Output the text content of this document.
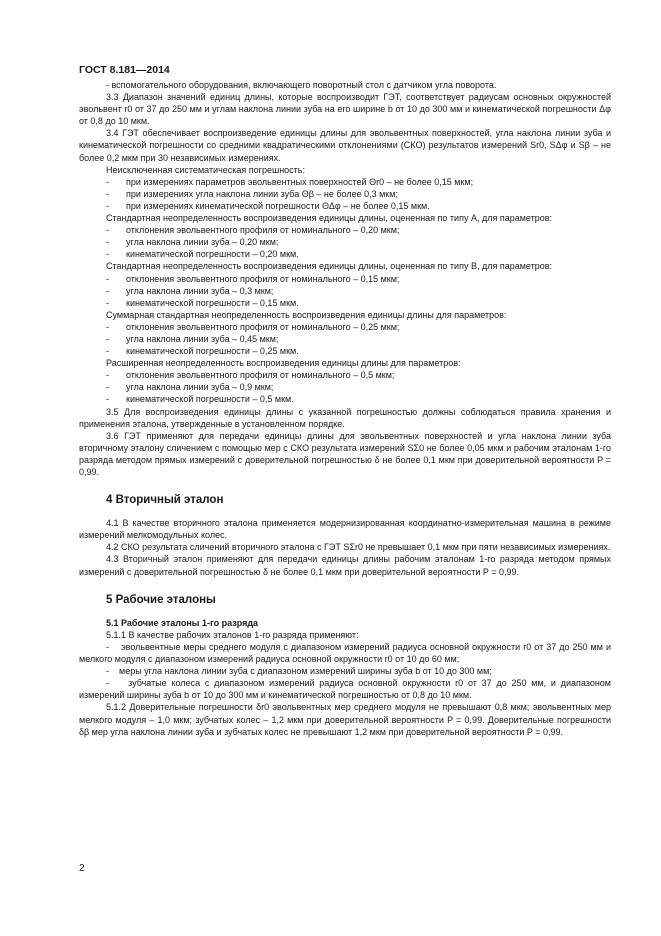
ГОСТ 8.181—2014

- вспомогательного оборудования, включающего поворотный стол с датчиком угла поворота.

3.3 Диапазон значений единиц длины, которые воспроизводит ГЭТ, соответствует радиусам основных окружностей эвольвент r0 от 37 до 250 мм и углам наклона линии зуба на его ширине b от 10 до 300 мм и кинематической погрешности Δφ от 0,8 до 10 мкм.

3.4 ГЭТ обеспечивает воспроизведение единицы длины для эвольвентных поверхностей, угла наклона линии зуба и кинематической погрешности со средними квадратическими отклонениями (СКО) результатов измерений Sr0, SΔφ и Sβ – не более 0,2 мкм при 30 независимых измерениях.

Неисключенная систематическая погрешность:

- при измерениях параметров эвольвентных поверхностей Θr0 – не более 0,15 мкм;

- при измерениях угла наклона линии зуба Θβ – не более 0,3 мкм;

- при измерениях кинематической погрешности ΘΔφ – не более 0,15 мкм.

Стандартная неопределенность воспроизведения единицы длины, оцененная по типу А, для параметров:

- отклонения эвольвентного профиля от номинального – 0,20 мкм;

- угла наклона линии зуба – 0,20 мкм;

- кинематической погрешности – 0,20 мкм.

Стандартная неопределенность воспроизведения единицы длины, оцененная по типу В, для параметров:

- отклонения эвольвентного профиля от номинального – 0,15 мкм;

- угла наклона линии зуба – 0,3 мкм;

- кинематической погрешности – 0,15 мкм.

Суммарная стандартная неопределенность воспроизведения единицы длины для параметров:

- отклонения эвольвентного профиля от номинального – 0,25 мкм;

- угла наклона линии зуба – 0,45 мкм;

- кинематической погрешности – 0,25 мкм.

Расширенная неопределенность воспроизведения единицы длины для параметров:

- отклонения эвольвентного профиля от номинального – 0,5 мкм;

- угла наклона линии зуба – 0,9 мкм;

- кинематической погрешности – 0,5 мкм.

3.5 Для воспроизведения единицы длины с указанной погрешностью должны соблюдаться правила хранения и применения эталона, утвержденные в установленном порядке.

3.6 ГЭТ применяют для передачи единицы длины для эвольвентных поверхностей и угла наклона линии зуба вторичному эталону сличением с помощью мер с СКО результата измерений SΣ0 не более 0,05 мкм и рабочим эталонам 1-го разряда методом прямых измерений с доверительной погрешностью δ не более 0,1 мкм при доверительной вероятности P = 0,99.

4 Вторичный эталон

4.1 В качестве вторичного эталона применяется модернизированная координатно-измерительная машина в режиме измерений мелкомодульных колес.

4.2 СКО результата сличений вторичного эталона с ГЭТ SΣr0 не превышает 0,1 мкм при пяти независимых измерениях.

4.3 Вторичный эталон применяют для передачи единицы длины рабочим эталонам 1-го разряда методом прямых измерений с доверительной погрешностью δ не более 0,1 мкм при доверительной вероятности P = 0,99.

5 Рабочие эталоны
5.1 Рабочие эталоны 1-го разряда

5.1.1 В качестве рабочих эталонов 1-го разряда применяют:

- эвольвентные меры среднего модуля с диапазоном измерений радиуса основной окружности r0 от 37 до 250 мм и мелкого модуля с диапазоном измерений радиуса основной окружности r0 от 10 до 60 мм;

- меры угла наклона линии зуба с диапазоном измерений ширины зуба b от 10 до 300 мм;

- зубчатые колеса с диапазоном измерений радиуса основной окружности r0 от 37 до 250 мм, и диапазоном измерений ширины зуба b от 10 до 300 мм и кинематической погрешностью от 0,8 до 10 мкм.

5.1.2 Доверительные погрешности δr0 эвольвентных мер среднего модуля не превышают 0,8 мкм; эвольвентных мер мелкого модуля – 1,0 мкм; зубчатых колес – 1,2 мкм при доверительной вероятности P = 0,99. Доверительные погрешности δβ мер угла наклона линии зуба и зубчатых колес не превышают 1,2 мкм при доверительной вероятности P = 0,99.

2
